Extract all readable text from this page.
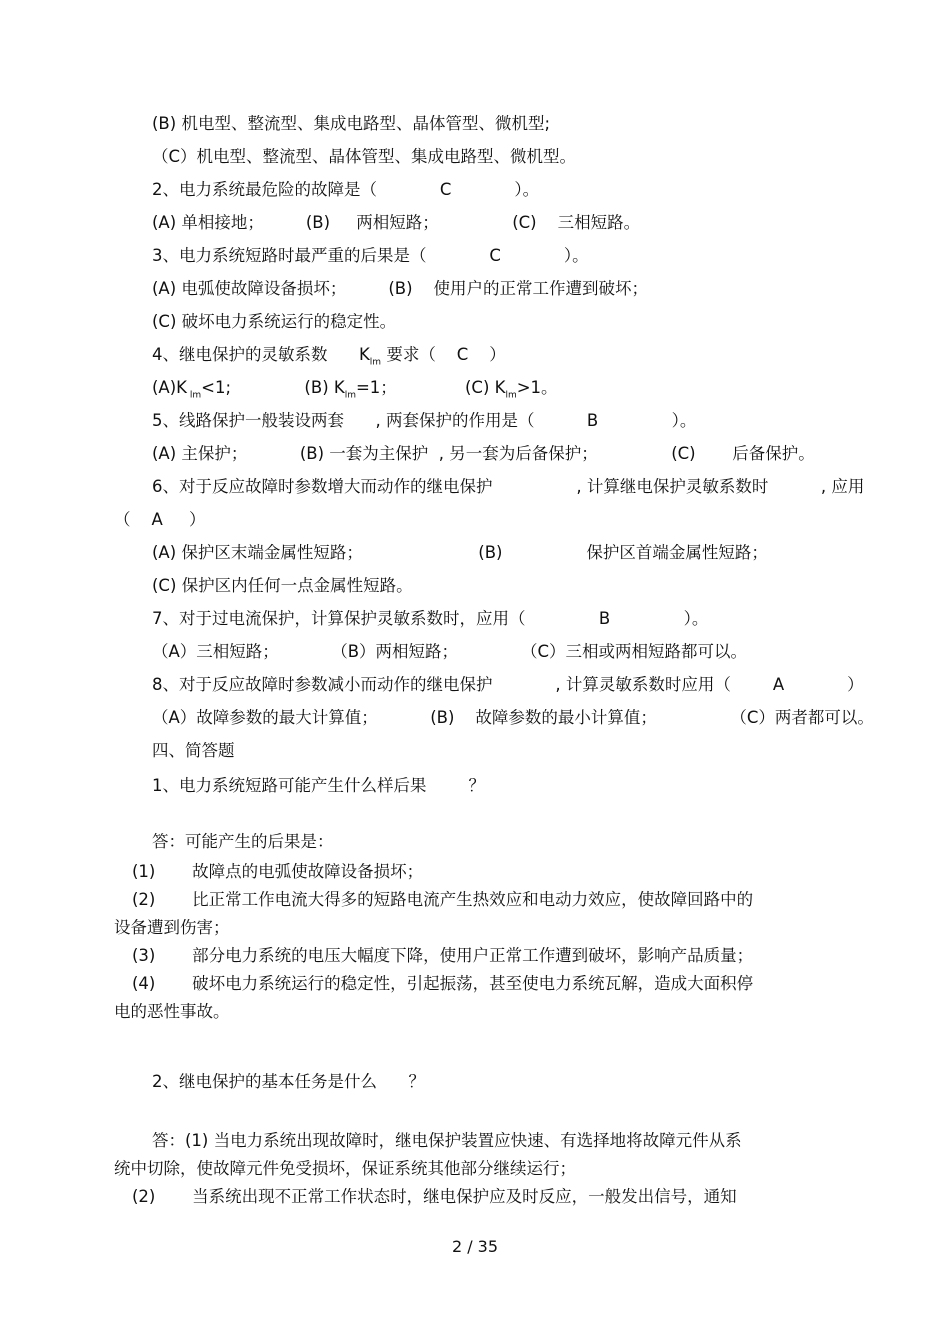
(B) 机电型、整流型、集成电路型、晶体管型、微机型;
（C）机电型、整流型、晶体管型、集成电路型、微机型。
2、电力系统最危险的故障是（            C            ）。
(A) 单相接地；        (B)     两相短路；              (C)    三相短路。
3、电力系统短路时最严重的后果是（            C            ）。
(A) 电弧使故障设备损坏；        (B)    使用户的正常工作遭到破坏；
(C) 破坏电力系统运行的稳定性。
4、继电保护的灵敏系数      $K_{lm}$ 要求（    C    ）
(A)K $_{lm}$<1;              (B) $K_{lm}=1$；             (C) $K_{lm}>1$。
5、线路保护一般装设两套      , 两套保护的作用是（          B              ）。
(A) 主保护；          (B) 一套为主保护  , 另一套为后备保护；              (C)       后备保护。
6、对于反应故障时参数增大而动作的继电保护                , 计算继电保护灵敏系数时          , 应用
（    A     ）
(A) 保护区末端金属性短路；                      (B)                保护区首端金属性短路；
(C) 保护区内任何一点金属性短路。
7、对于过电流保护，计算保护灵敏系数时，应用（              B              ）。
（A）三相短路；          （B）两相短路；            （C）三相或两相短路都可以。
8、对于反应故障时参数减小而动作的继电保护            , 计算灵敏系数时应用（        A            ）
（A）故障参数的最大计算值；          (B)    故障参数的最小计算值；              （C）两者都可以。
四、简答题
1、电力系统短路可能产生什么样后果        ？
答：可能产生的后果是：
(1)       故障点的电弧使故障设备损坏；
(2)       比正常工作电流大得多的短路电流产生热效应和电动力效应，使故障回路中的
设备遭到伤害；
(3)       部分电力系统的电压大幅度下降，使用户正常工作遭到破坏，影响产品质量；
(4)       破坏电力系统运行的稳定性，引起振荡，甚至使电力系统瓦解，造成大面积停
电的恶性事故。
2、继电保护的基本任务是什么      ？
答：(1) 当电力系统出现故障时，继电保护装置应快速、有选择地将故障元件从系
统中切除，使故障元件免受损坏，保证系统其他部分继续运行；
(2)       当系统出现不正常工作状态时，继电保护应及时反应，一般发出信号，通知
2 / 35
